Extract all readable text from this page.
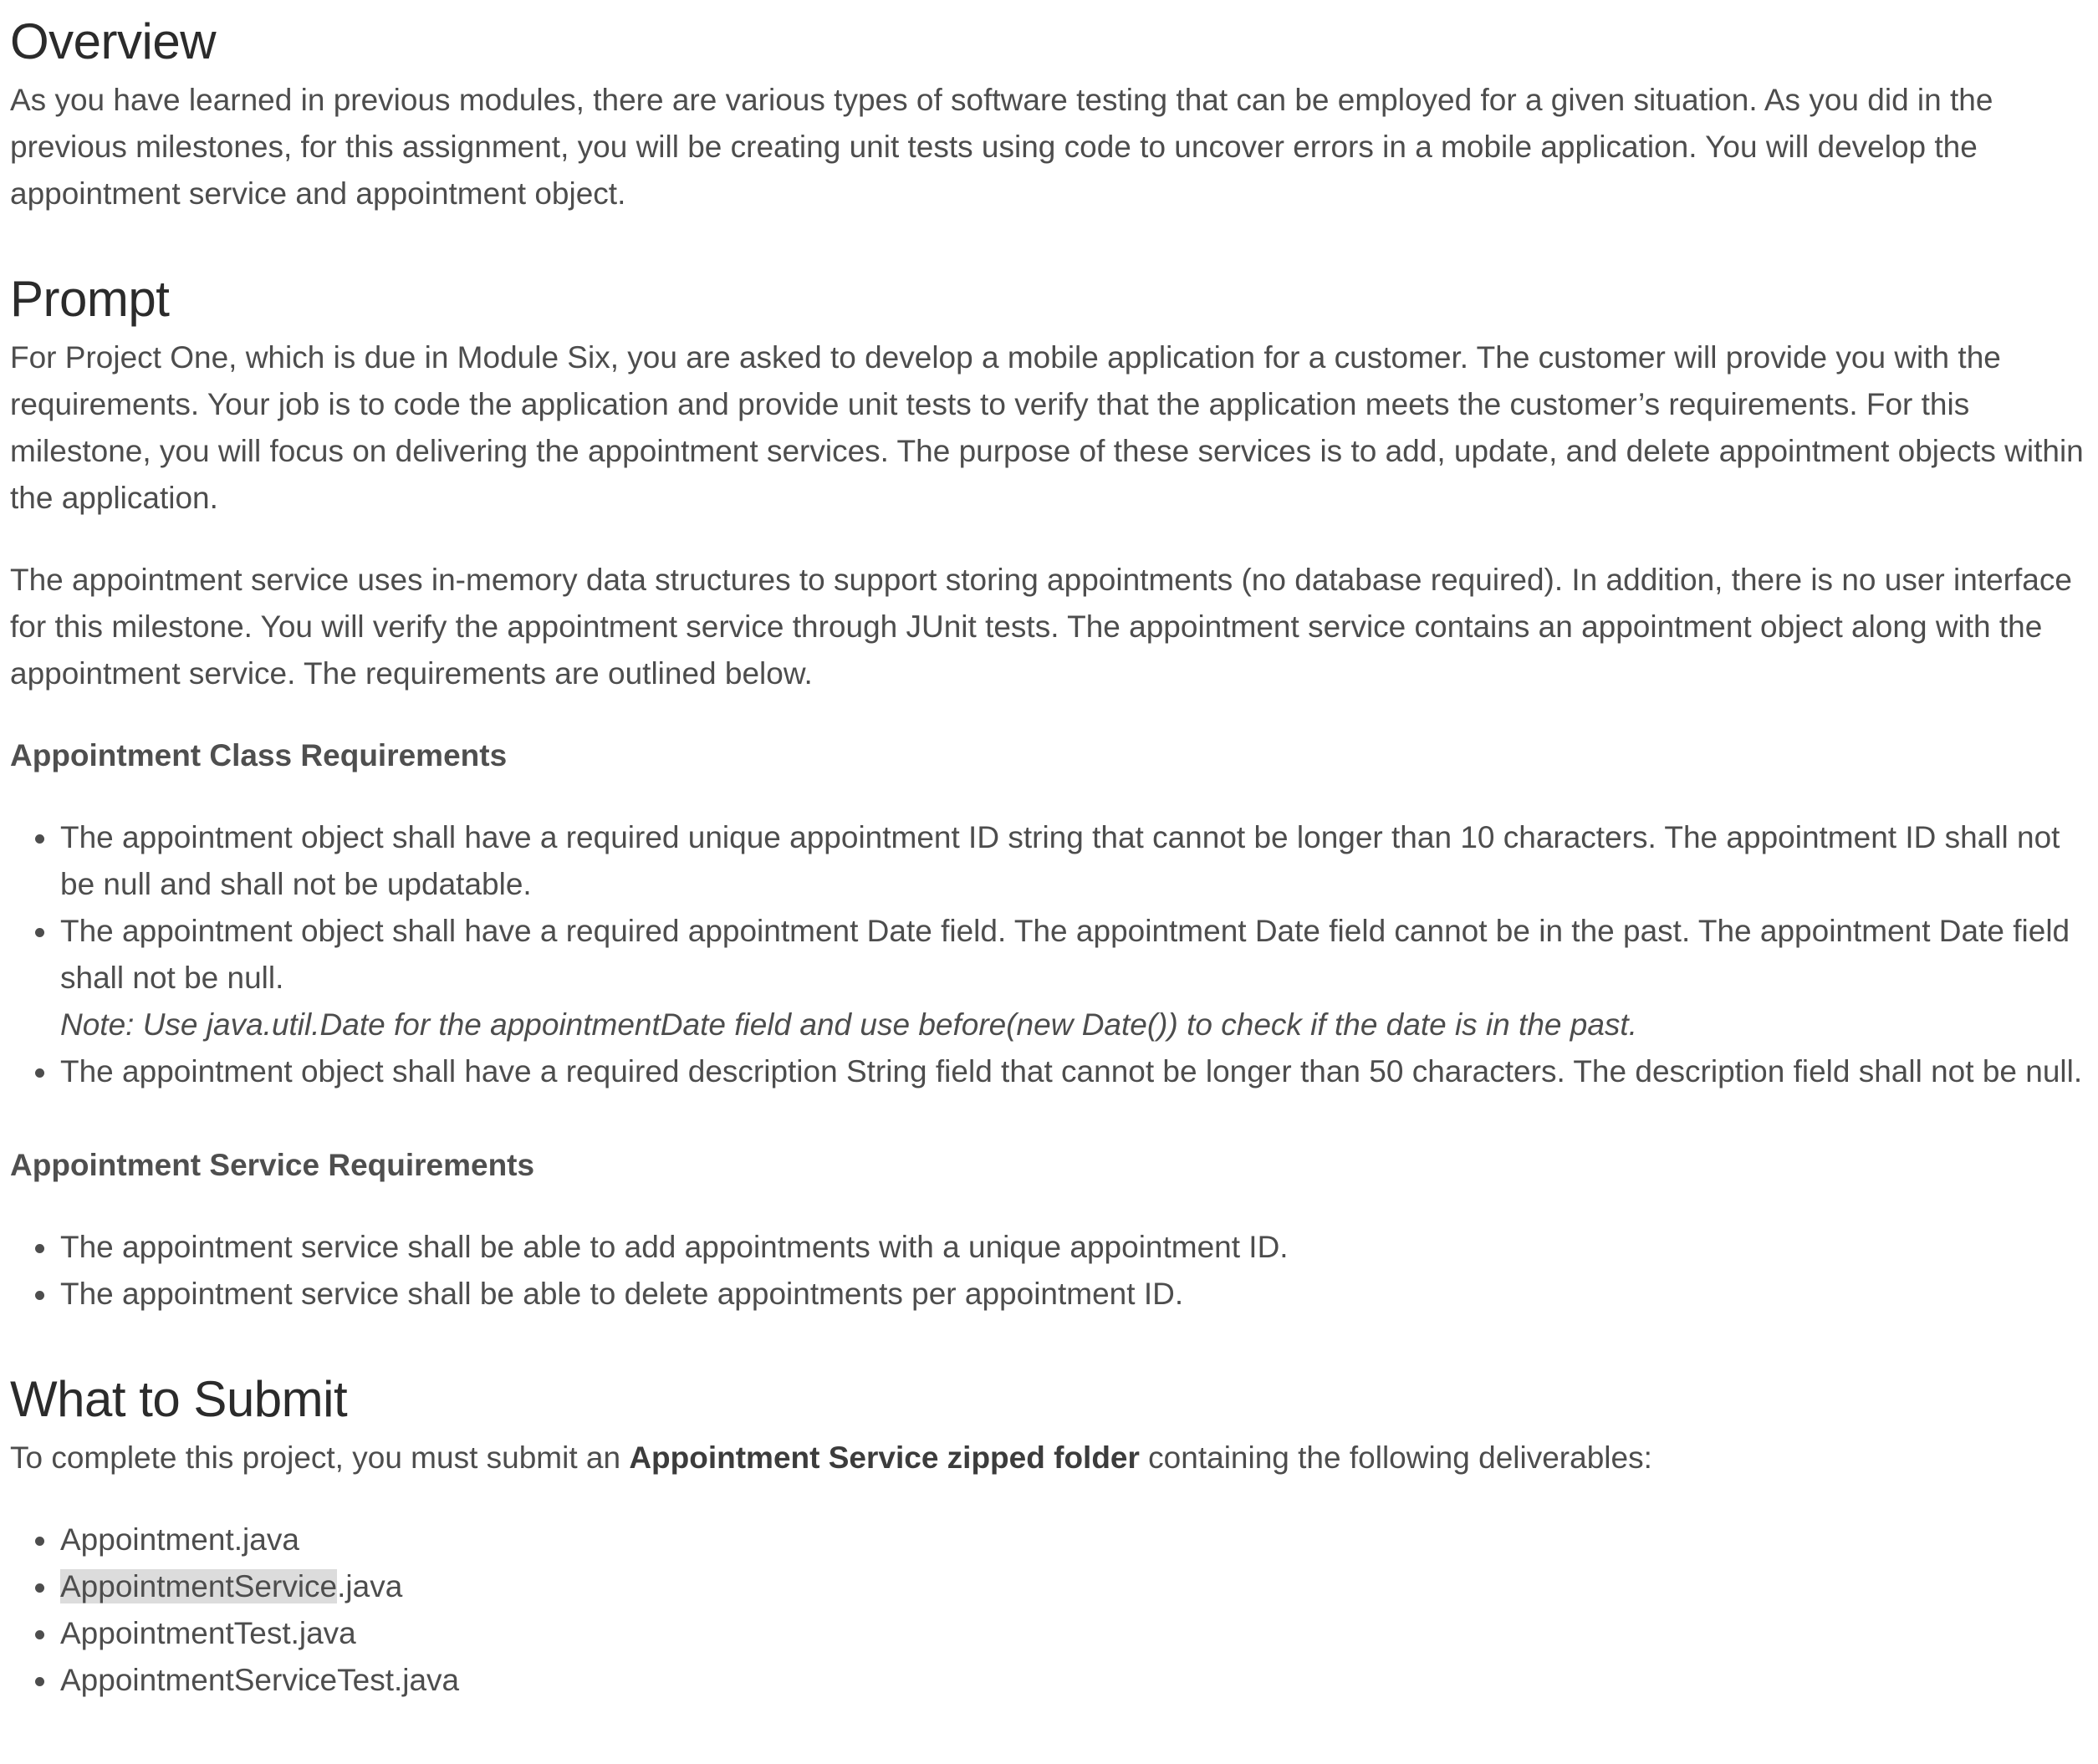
Overview

As you have learned in previous modules, there are various types of software testing that can be employed for a given situation. As you did in the previous milestones, for this assignment, you will be creating unit tests using code to uncover errors in a mobile application. You will develop the appointment service and appointment object.

Prompt

For Project One, which is due in Module Six, you are asked to develop a mobile application for a customer. The customer will provide you with the requirements. Your job is to code the application and provide unit tests to verify that the application meets the customer’s requirements. For this milestone, you will focus on delivering the appointment services. The purpose of these services is to add, update, and delete appointment objects within the application.

The appointment service uses in-memory data structures to support storing appointments (no database required). In addition, there is no user interface for this milestone. You will verify the appointment service through JUnit tests. The appointment service contains an appointment object along with the appointment service. The requirements are outlined below.

Appointment Class Requirements
The appointment object shall have a required unique appointment ID string that cannot be longer than 10 characters. The appointment ID shall not be null and shall not be updatable.
The appointment object shall have a required appointment Date field. The appointment Date field cannot be in the past. The appointment Date field shall not be null.
Note: Use java.util.Date for the appointmentDate field and use before(new Date()) to check if the date is in the past.
The appointment object shall have a required description String field that cannot be longer than 50 characters. The description field shall not be null.
Appointment Service Requirements
The appointment service shall be able to add appointments with a unique appointment ID.
The appointment service shall be able to delete appointments per appointment ID.
What to Submit

To complete this project, you must submit an Appointment Service zipped folder containing the following deliverables:

Appointment.java
AppointmentService.java
AppointmentTest.java
AppointmentServiceTest.java
